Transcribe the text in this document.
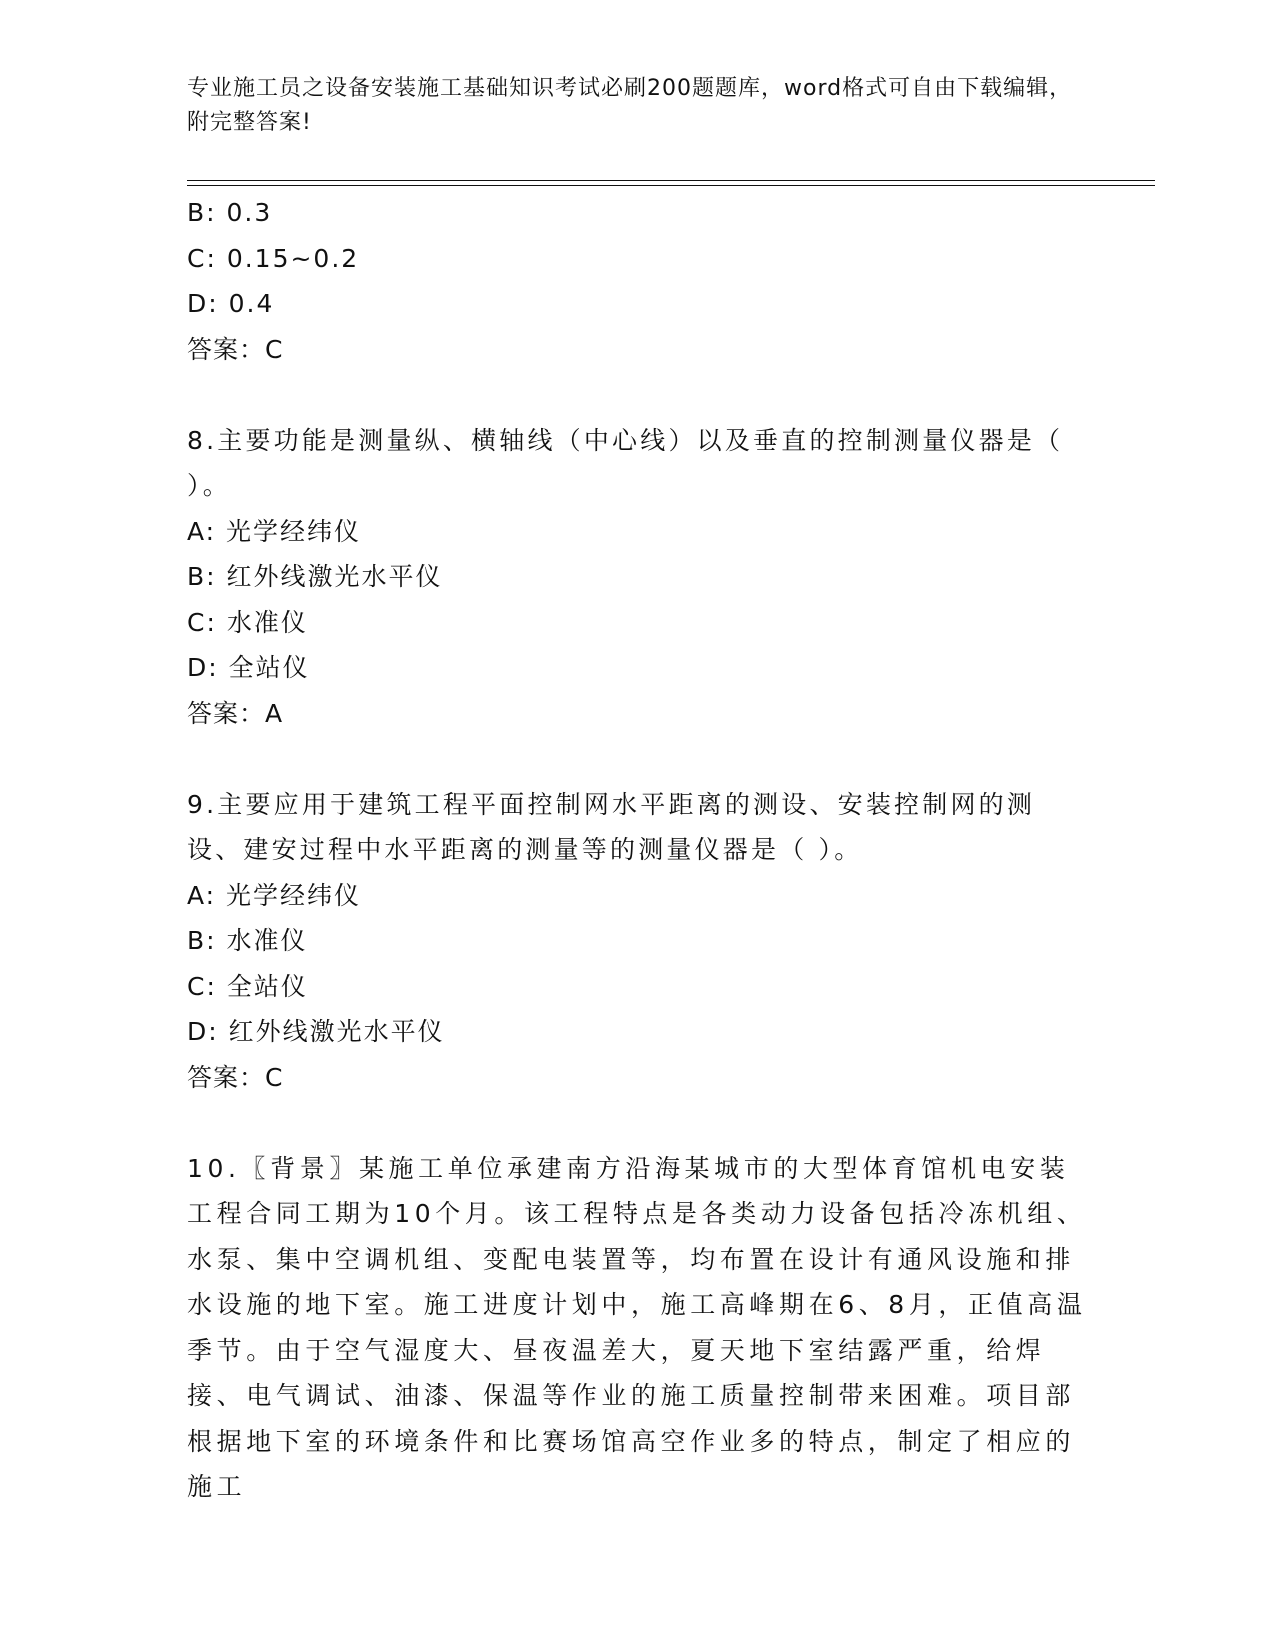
专业施工员之设备安装施工基础知识考试必刷200题题库，word格式可自由下载编辑，附完整答案!
B: 0.3
C: 0.15~0.2
D: 0.4
答案：C
8.主要功能是测量纵、横轴线（中心线）以及垂直的控制测量仪器是（ ）。
A: 光学经纬仪
B: 红外线激光水平仪
C: 水准仪
D: 全站仪
答案：A
9.主要应用于建筑工程平面控制网水平距离的测设、安装控制网的测设、建安过程中水平距离的测量等的测量仪器是（ ）。
A: 光学经纬仪
B: 水准仪
C: 全站仪
D: 红外线激光水平仪
答案：C
10.〖背景〗某施工单位承建南方沿海某城市的大型体育馆机电安装工程合同工期为10个月。该工程特点是各类动力设备包括冷冻机组、水泵、集中空调机组、变配电装置等，均布置在设计有通风设施和排水设施的地下室。施工进度计划中，施工高峰期在6、8月，正值高温季节。由于空气湿度大、昼夜温差大，夏天地下室结露严重，给焊接、电气调试、油漆、保温等作业的施工质量控制带来困难。项目部根据地下室的环境条件和比赛场馆高空作业多的特点，制定了相应的施工
